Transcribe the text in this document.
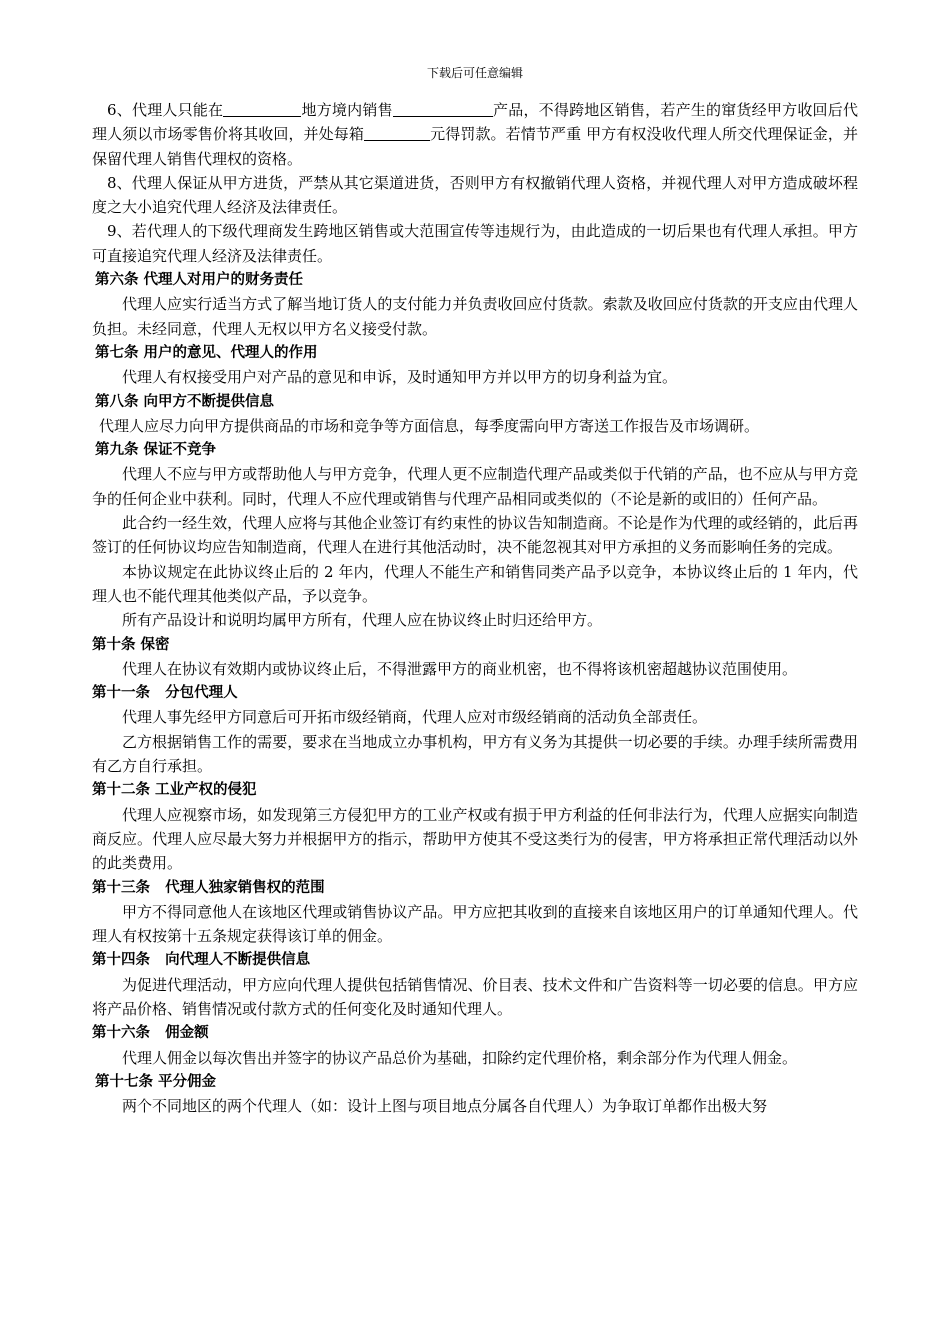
下载后可任意编辑

6、代理人只能在	地方境内销售	产品，不得跨地区销售，若产生的窜货经甲方收回后代理人须以市场零售价将其收回，并处每箱	元得罚款。若情节严重 甲方有权没收代理人所交代理保证金，并保留代理人销售代理权的资格。

8、代理人保证从甲方进货，严禁从其它渠道进货，否则甲方有权撤销代理人资格，并视代理人对甲方造成破坏程度之大小追究代理人经济及法律责任。

9、若代理人的下级代理商发生跨地区销售或大范围宣传等违规行为，由此造成的一切后果也有代理人承担。甲方可直接追究代理人经济及法律责任。

第六条 代理人对用户的财务责任

代理人应实行适当方式了解当地订货人的支付能力并负责收回应付货款。索款及收回应付货款的开支应由代理人负担。未经同意，代理人无权以甲方名义接受付款。

第七条 用户的意见、代理人的作用

代理人有权接受用户对产品的意见和申诉，及时通知甲方并以甲方的切身利益为宜。

第八条 向甲方不断提供信息

代理人应尽力向甲方提供商品的市场和竞争等方面信息，每季度需向甲方寄送工作报告及市场调研。

第九条 保证不竞争

代理人不应与甲方或帮助他人与甲方竞争，代理人更不应制造代理产品或类似于代销的产品，也不应从与甲方竞争的任何企业中获利。同时，代理人不应代理或销售与代理产品相同或类似的（不论是新的或旧的）任何产品。

此合约一经生效，代理人应将与其他企业签订有约束性的协议告知制造商。不论是作为代理的或经销的，此后再签订的任何协议均应告知制造商，代理人在进行其他活动时，决不能忽视其对甲方承担的义务而影响任务的完成。

本协议规定在此协议终止后的 2 年内，代理人不能生产和销售同类产品予以竞争，本协议终止后的 1 年内，代理人也不能代理其他类似产品，予以竞争。

所有产品设计和说明均属甲方所有，代理人应在协议终止时归还给甲方。

第十条 保密

代理人在协议有效期内或协议终止后，不得泄露甲方的商业机密，也不得将该机密超越协议范围使用。

第十一条   分包代理人

代理人事先经甲方同意后可开拓市级经销商，代理人应对市级经销商的活动负全部责任。

乙方根据销售工作的需要，要求在当地成立办事机构，甲方有义务为其提供一切必要的手续。办理手续所需费用有乙方自行承担。

第十二条 工业产权的侵犯

代理人应视察市场，如发现第三方侵犯甲方的工业产权或有损于甲方利益的任何非法行为，代理人应据实向制造商反应。代理人应尽最大努力并根据甲方的指示，帮助甲方使其不受这类行为的侵害，甲方将承担正常代理活动以外的此类费用。

第十三条   代理人独家销售权的范围

甲方不得同意他人在该地区代理或销售协议产品。甲方应把其收到的直接来自该地区用户的订单通知代理人。代理人有权按第十五条规定获得该订单的佣金。

第十四条   向代理人不断提供信息

为促进代理活动，甲方应向代理人提供包括销售情况、价目表、技术文件和广告资料等一切必要的信息。甲方应将产品价格、销售情况或付款方式的任何变化及时通知代理人。

第十六条   佣金额

代理人佣金以每次售出并签字的协议产品总价为基础，扣除约定代理价格，剩余部分作为代理人佣金。

第十七条 平分佣金

两个不同地区的两个代理人（如：设计上图与项目地点分属各自代理人）为争取订单都作出极大努
